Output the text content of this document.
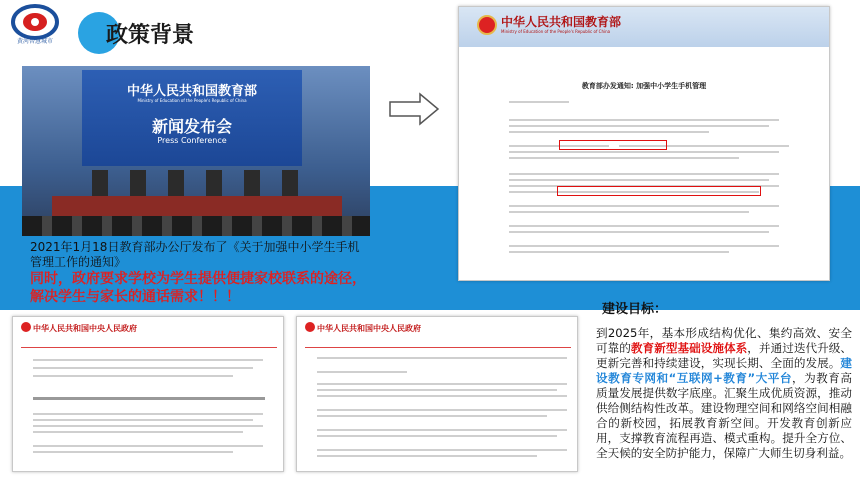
黄河智慧城市	政策背景
中华人民共和国教育部
Ministry of Education of the People's Republic of China
新闻发布会
Press Conference
2021年1月18日教育部办公厅发布了《关于加强中小学生手机管理工作的通知》
同时，政府要求学校为学生提供便捷家校联系的途径，解决学生与家长的通话需求！！！
中华人民共和国教育部
Ministry of Education of the People's Republic of China
教育部办发通知: 加强中小学生手机管理
中华人民共和国中央人民政府	中华人民共和国中央人民政府
建设目标：
到2025年，基本形成结构优化、集约高效、安全可靠的教育新型基础设施体系，并通过迭代升级、更新完善和持续建设，实现长期、全面的发展。建设教育专网和“互联网+教育”大平台，为教育高质量发展提供数字底座。汇聚生成优质资源，推动供给侧结构性改革。建设物理空间和网络空间相融合的新校园，拓展教育新空间。开发教育创新应用，支撑教育流程再造、模式重构。提升全方位、全天候的安全防护能力，保障广大师生切身利益。
